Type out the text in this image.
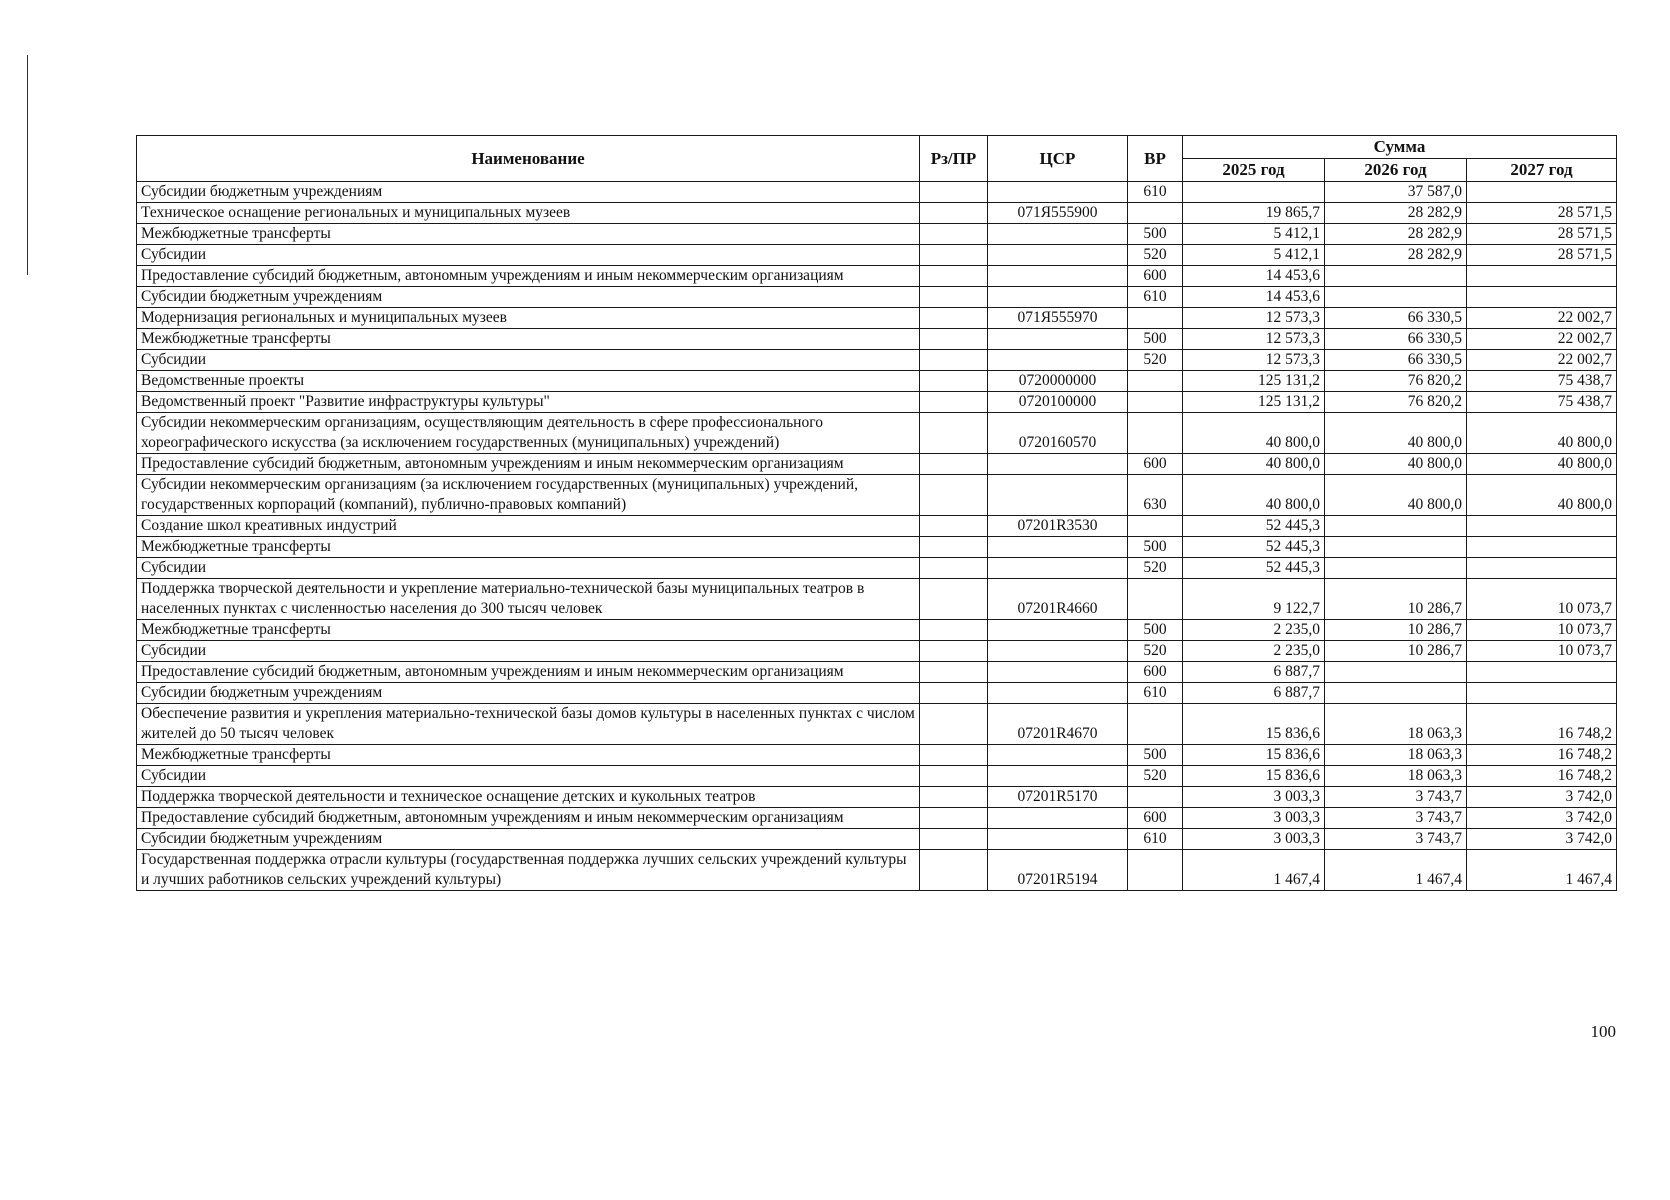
Наименование	Рз/ПР	ЦСР	ВР	Сумма		
				2025 год	2026 год	2027 год
Субсидии бюджетным учреждениям			610		37 587,0	
Техническое оснащение региональных и муниципальных музеев		071Я555900		19 865,7	28 282,9	28 571,5
Межбюджетные трансферты			500	5 412,1	28 282,9	28 571,5
Субсидии			520	5 412,1	28 282,9	28 571,5
Предоставление субсидий бюджетным, автономным учреждениям и иным некоммерческим организациям			600	14 453,6		
Субсидии бюджетным учреждениям			610	14 453,6		
Модернизация региональных и муниципальных музеев		071Я555970		12 573,3	66 330,5	22 002,7
Межбюджетные трансферты			500	12 573,3	66 330,5	22 002,7
Субсидии			520	12 573,3	66 330,5	22 002,7
Ведомственные проекты		0720000000		125 131,2	76 820,2	75 438,7
Ведомственный проект "Развитие инфраструктуры культуры"		0720100000		125 131,2	76 820,2	75 438,7
Субсидии некоммерческим организациям, осуществляющим деятельность в сфере профессионального хореографического искусства (за исключением государственных (муниципальных) учреждений)		0720160570		40 800,0	40 800,0	40 800,0
Предоставление субсидий бюджетным, автономным учреждениям и иным некоммерческим организациям			600	40 800,0	40 800,0	40 800,0
Субсидии некоммерческим организациям (за исключением государственных (муниципальных) учреждений, государственных корпораций (компаний), публично-правовых компаний)			630	40 800,0	40 800,0	40 800,0
Создание школ креативных индустрий		07201R3530		52 445,3		
Межбюджетные трансферты			500	52 445,3		
Субсидии			520	52 445,3		
Поддержка творческой деятельности и укрепление материально-технической базы муниципальных театров в населенных пунктах с численностью населения до 300 тысяч человек		07201R4660		9 122,7	10 286,7	10 073,7
Межбюджетные трансферты			500	2 235,0	10 286,7	10 073,7
Субсидии			520	2 235,0	10 286,7	10 073,7
Предоставление субсидий бюджетным, автономным учреждениям и иным некоммерческим организациям			600	6 887,7		
Субсидии бюджетным учреждениям			610	6 887,7		
Обеспечение развития и укрепления материально-технической базы домов культуры в населенных пунктах с числом жителей до 50 тысяч человек		07201R4670		15 836,6	18 063,3	16 748,2
Межбюджетные трансферты			500	15 836,6	18 063,3	16 748,2
Субсидии			520	15 836,6	18 063,3	16 748,2
Поддержка творческой деятельности и техническое оснащение детских и кукольных театров		07201R5170		3 003,3	3 743,7	3 742,0
Предоставление субсидий бюджетным, автономным учреждениям и иным некоммерческим организациям			600	3 003,3	3 743,7	3 742,0
Субсидии бюджетным учреждениям			610	3 003,3	3 743,7	3 742,0
Государственная поддержка отрасли культуры (государственная поддержка лучших сельских учреждений культуры и лучших работников сельских учреждений культуры)		07201R5194		1 467,4	1 467,4	1 467,4
100
